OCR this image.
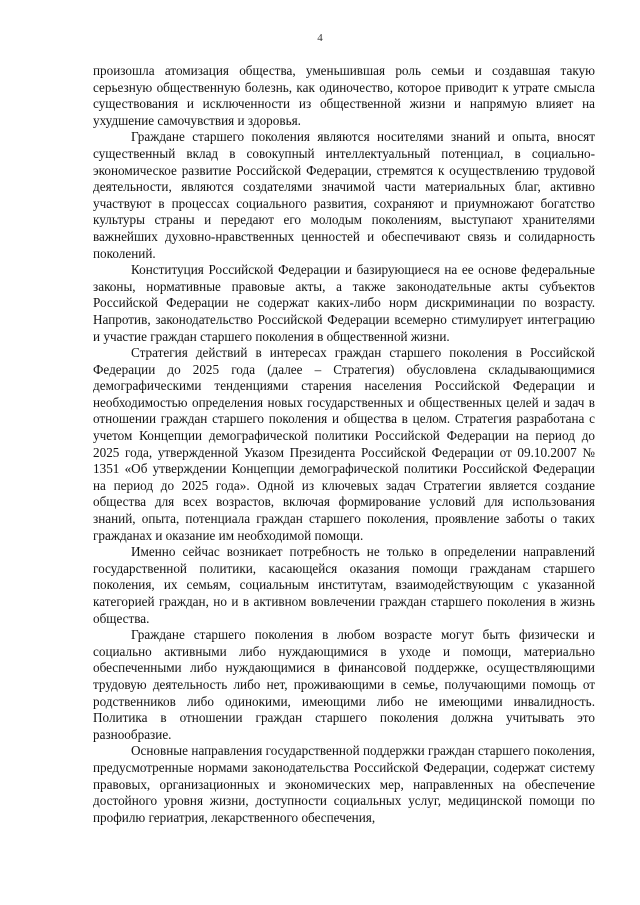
4

произошла атомизация общества, уменьшившая роль семьи и создавшая такую серьезную общественную болезнь, как одиночество, которое приводит к утрате смысла существования и исключенности из общественной жизни и напрямую влияет на ухудшение самочувствия и здоровья.

Граждане старшего поколения являются носителями знаний и опыта, вносят существенный вклад в совокупный интеллектуальный потенциал, в социально-экономическое развитие Российской Федерации, стремятся к осуществлению трудовой деятельности, являются создателями значимой части материальных благ, активно участвуют в процессах социального развития, сохраняют и приумножают богатство культуры страны и передают его молодым поколениям, выступают хранителями важнейших духовно-нравственных ценностей и обеспечивают связь и солидарность поколений.

Конституция Российской Федерации и базирующиеся на ее основе федеральные законы, нормативные правовые акты, а также законодательные акты субъектов Российской Федерации не содержат каких-либо норм дискриминации по возрасту. Напротив, законодательство Российской Федерации всемерно стимулирует интеграцию и участие граждан старшего поколения в общественной жизни.

Стратегия действий в интересах граждан старшего поколения в Российской Федерации до 2025 года (далее – Стратегия) обусловлена складывающимися демографическими тенденциями старения населения Российской Федерации и необходимостью определения новых государственных и общественных целей и задач в отношении граждан старшего поколения и общества в целом. Стратегия разработана с учетом Концепции демографической политики Российской Федерации на период до 2025 года, утвержденной Указом Президента Российской Федерации от 09.10.2007 № 1351 «Об утверждении Концепции демографической политики Российской Федерации на период до 2025 года». Одной из ключевых задач Стратегии является создание общества для всех возрастов, включая формирование условий для использования знаний, опыта, потенциала граждан старшего поколения, проявление заботы о таких гражданах и оказание им необходимой помощи.

Именно сейчас возникает потребность не только в определении направлений государственной политики, касающейся оказания помощи гражданам старшего поколения, их семьям, социальным институтам, взаимодействующим с указанной категорией граждан, но и в активном вовлечении граждан старшего поколения в жизнь общества.

Граждане старшего поколения в любом возрасте могут быть физически и социально активными либо нуждающимися в уходе и помощи, материально обеспеченными либо нуждающимися в финансовой поддержке, осуществляющими трудовую деятельность либо нет, проживающими в семье, получающими помощь от родственников либо одинокими, имеющими либо не имеющими инвалидность. Политика в отношении граждан старшего поколения должна учитывать это разнообразие.

Основные направления государственной поддержки граждан старшего поколения, предусмотренные нормами законодательства Российской Федерации, содержат систему правовых, организационных и экономических мер, направленных на обеспечение достойного уровня жизни, доступности социальных услуг, медицинской помощи по профилю гериатрия, лекарственного обеспечения,
